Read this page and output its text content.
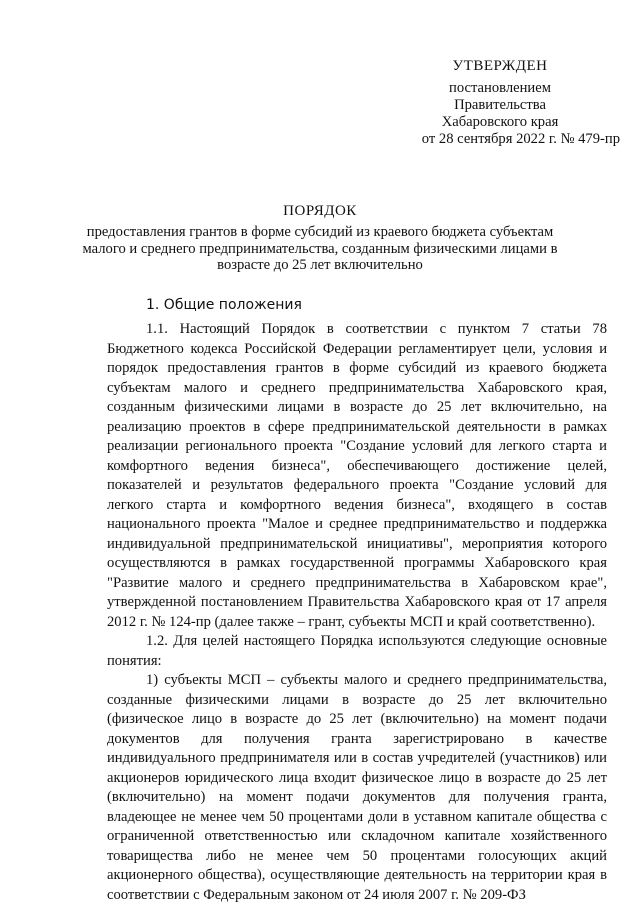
УТВЕРЖДЕН
постановлением
Правительства
Хабаровского края
от 28 сентября 2022 г. № 479-пр
ПОРЯДОК
предоставления грантов в форме субсидий из краевого бюджета субъектам малого и среднего предпринимательства, созданным физическими лицами в возрасте до 25 лет включительно
1. Общие положения

1.1. Настоящий Порядок в соответствии с пунктом 7 статьи 78 Бюджетного кодекса Российской Федерации регламентирует цели, условия и порядок предоставления грантов в форме субсидий из краевого бюджета субъектам малого и среднего предпринимательства Хабаровского края, созданным физическими лицами в возрасте до 25 лет включительно, на реализацию проектов в сфере предпринимательской деятельности в рамках реализации регионального проекта "Создание условий для легкого старта и комфортного ведения бизнеса", обеспечивающего достижение целей, показателей и результатов федерального проекта "Создание условий для легкого старта и комфортного ведения бизнеса", входящего в состав национального проекта "Малое и среднее предпринимательство и поддержка индивидуальной предпринимательской инициативы", мероприятия которого осуществляются в рамках государственной программы Хабаровского края "Развитие малого и среднего предпринимательства в Хабаровском крае", утвержденной постановлением Правительства Хабаровского края от 17 апреля 2012 г. № 124-пр (далее также – грант, субъекты МСП и край соответственно).

1.2. Для целей настоящего Порядка используются следующие основные понятия:

1) субъекты МСП – субъекты малого и среднего предпринимательства, созданные физическими лицами в возрасте до 25 лет включительно (физическое лицо в возрасте до 25 лет (включительно) на момент подачи документов для получения гранта зарегистрировано в качестве индивидуального предпринимателя или в состав учредителей (участников) или акционеров юридического лица входит физическое лицо в возрасте до 25 лет (включительно) на момент подачи документов для получения гранта, владеющее не менее чем 50 процентами доли в уставном капитале общества с ограниченной ответственностью или складочном капитале хозяйственного товарищества либо не менее чем 50 процентами голосующих акций акционерного общества), осуществляющие деятельность на территории края в соответствии с Федеральным законом от 24 июля 2007 г. № 209-ФЗ
